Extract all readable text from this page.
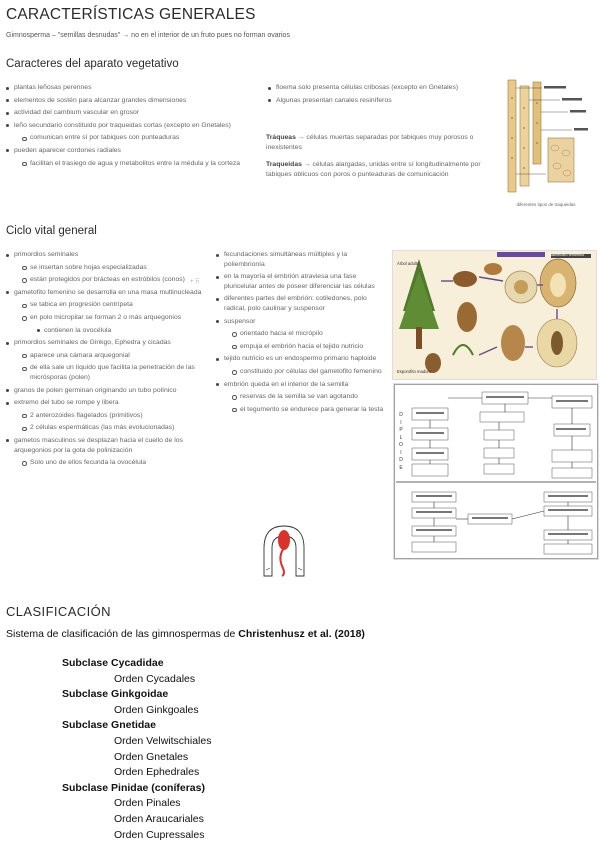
CARACTERÍSTICAS GENERALES
Gimnosperma – "semillas desnudas" → no en el interior de un fruto pues no forman ovarios
Caracteres del aparato vegetativo
plantas leñosas perennes
elementos de sostén para alcanzar grandes dimensiones
actividad del cambium vascular en grosor
leño secundario constituido por traqueidas cortas (excepto en Gnetales)
comunican entre sí por tabiques con punteaduras
pueden aparecer cordones radiales
facilitan el trasiego de agua y metabolitos entre la médula y la corteza
floema solo presenta células cribosas (excepto en Gnetales)
Algunas presentan canales resiníferos
Tráqueas → células muertas separadas por tabiques muy porosos o inexistentes
Traqueidas → células alargadas, unidas entre sí longitudinalmente por tabiques oblicuos con poros o punteaduras de comunicación
diferentes tipos de traqueidas
Ciclo vital general
primordios seminales
se insertan sobre hojas especializadas
están protegidos por brácteas en estróbilos (conos)
gametofito femenino se desarrolla en una masa multinucleada
se tabica en progresión centrípeta
en polo micropilar se forman 2 o más arquegonios
contienen la ovocélula
primordios seminales de Ginkgo, Ephedra y cicadas
aparece una cámara arquegonial
de ella sale un líquido que facilita la penetración de las micrósporas (polen)
granos de polen germinan originando un tubo polínico
extremo del tubo se rompe y libera
2 anterozoides flagelados (primitivos)
2 células espermáticas (las más evolucionadas)
gametos masculinos se desplazan hacia el cuello de los arquegonios por la gota de polinización
Solo uno de ellos fecunda la ovocélula
fecundaciones simultáneas múltiples y la poliembrionía
en la mayoría el embrión atraviesa una fase pluricelular antes de poseer diferenciar las células
diferentes partes del embrión: cotiledones, polo radical, polo caulinar y suspensor
suspensor
orientado hacia el micrópilo
empuja el embrión hacia el tejido nutricio
tejido nutricio es un endospermo primario haploide
constituido por células del gametofito femenino
embrión queda en el interior de la semilla
reservas de la semilla se van agotando
el tegumento se endurece para generar la testa
Gametofito femenino
Árbol adulto
Esporofito maduro
D
I
P
L
O
I
D
E
+ ⠿
CLASIFICACIÓN
Sistema de clasificación de las gimnospermas de Christenhusz et al. (2018)
Subclase Cycadidae
Orden Cycadales
Subclase Ginkgoidae
Orden Ginkgoales
Subclase Gnetidae
Orden Velwitschiales
Orden Gnetales
Orden Ephedrales
Subclase Pinidae (coníferas)
Orden Pinales
Orden Araucariales
Orden Cupressales
